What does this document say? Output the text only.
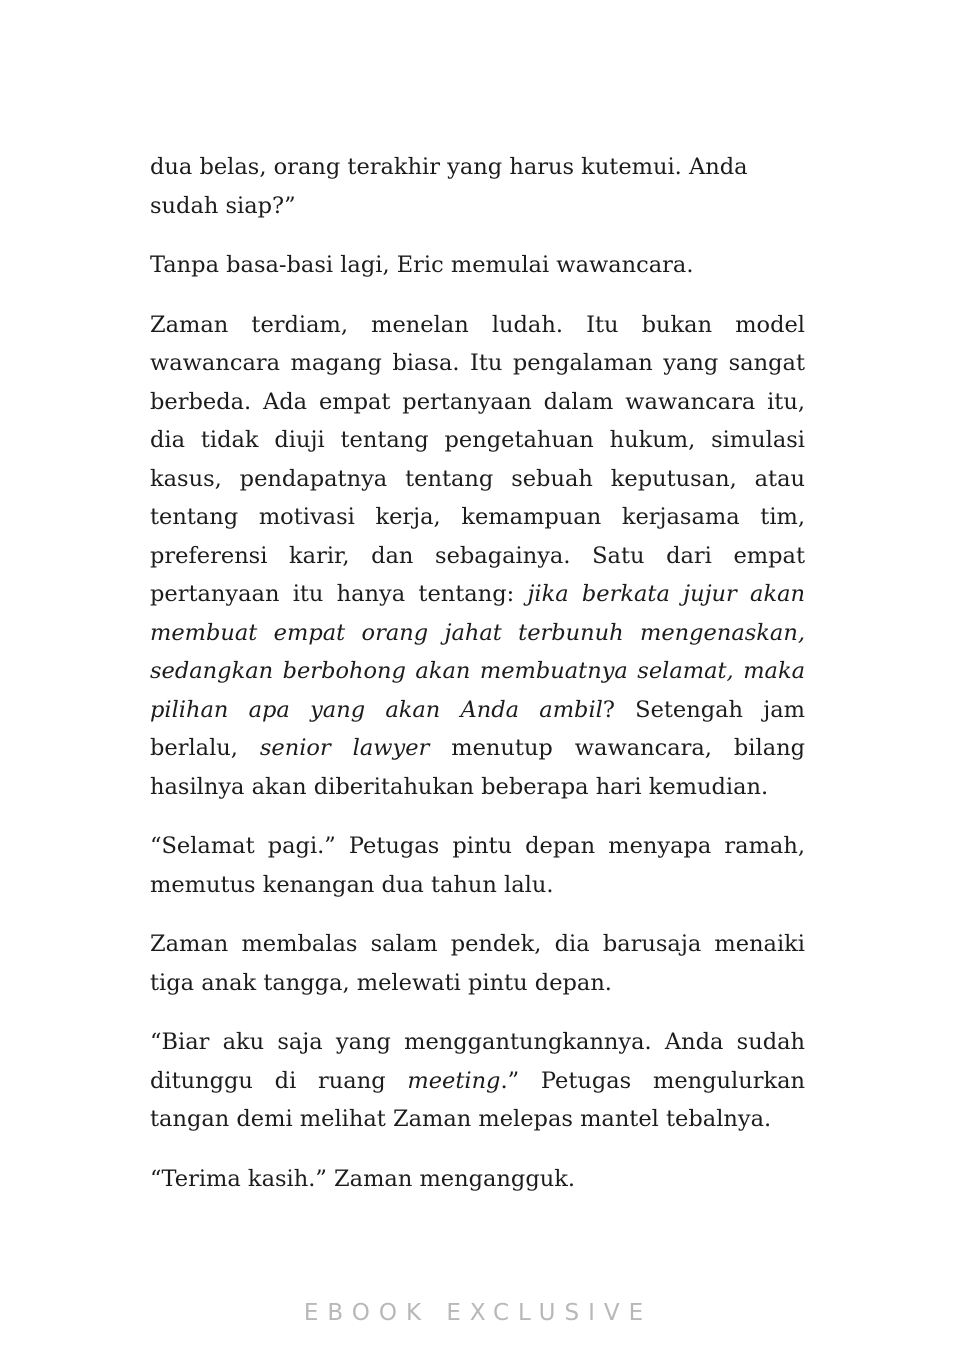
dua belas, orang terakhir yang harus kutemui. Anda sudah siap?”

Tanpa basa-basi lagi, Eric memulai wawancara.

Zaman terdiam, menelan ludah. Itu bukan model wawancara magang biasa. Itu pengalaman yang sangat berbeda. Ada empat pertanyaan dalam wawancara itu, dia tidak diuji tentang pengetahuan hukum, simulasi kasus, pendapatnya tentang sebuah keputusan, atau tentang motivasi kerja, kemampuan kerjasama tim, preferensi karir, dan sebagainya. Satu dari empat pertanyaan itu hanya tentang: jika berkata jujur akan membuat empat orang jahat terbunuh mengenaskan, sedangkan berbohong akan membuatnya selamat, maka pilihan apa yang akan Anda ambil? Setengah jam berlalu, senior lawyer menutup wawancara, bilang hasilnya akan diberitahukan beberapa hari kemudian.

“Selamat pagi.” Petugas pintu depan menyapa ramah, memutus kenangan dua tahun lalu.

Zaman membalas salam pendek, dia barusaja menaiki tiga anak tangga, melewati pintu depan.

“Biar aku saja yang menggantungkannya. Anda sudah ditunggu di ruang meeting.” Petugas mengulurkan tangan demi melihat Zaman melepas mantel tebalnya.

“Terima kasih.” Zaman mengangguk.

EBOOK EXCLUSIVE
